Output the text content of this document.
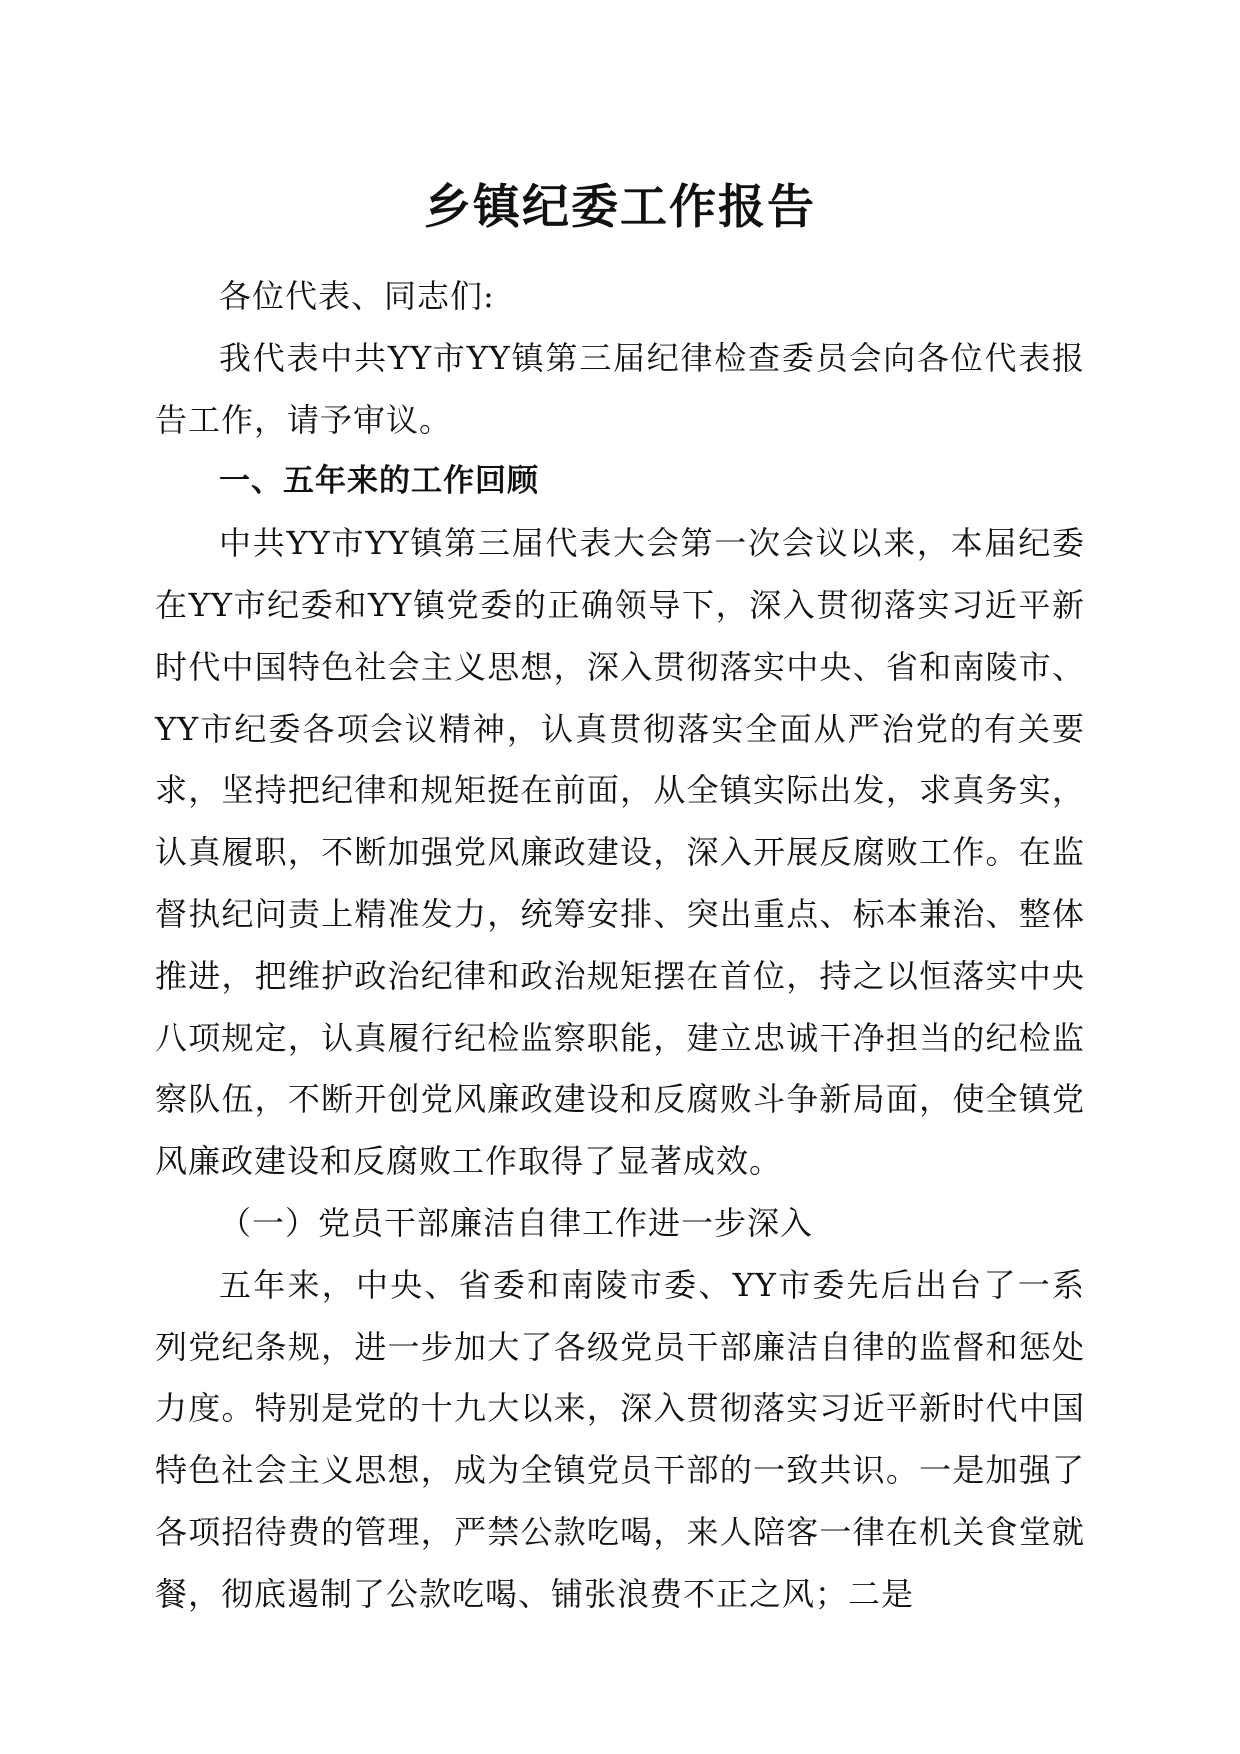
乡镇纪委工作报告

各位代表、同志们:

我代表中共YY市YY镇第三届纪律检查委员会向各位代表报告工作，请予审议。

一、五年来的工作回顾

中共YY市YY镇第三届代表大会第一次会议以来，本届纪委在YY市纪委和YY镇党委的正确领导下，深入贯彻落实习近平新时代中国特色社会主义思想，深入贯彻落实中央、省和南陵市、YY市纪委各项会议精神，认真贯彻落实全面从严治党的有关要求，坚持把纪律和规矩挺在前面，从全镇实际出发，求真务实，认真履职，不断加强党风廉政建设，深入开展反腐败工作。在监督执纪问责上精准发力，统筹安排、突出重点、标本兼治、整体推进，把维护政治纪律和政治规矩摆在首位，持之以恒落实中央八项规定，认真履行纪检监察职能，建立忠诚干净担当的纪检监察队伍，不断开创党风廉政建设和反腐败斗争新局面，使全镇党风廉政建设和反腐败工作取得了显著成效。

（一）党员干部廉洁自律工作进一步深入

五年来，中央、省委和南陵市委、YY市委先后出台了一系列党纪条规，进一步加大了各级党员干部廉洁自律的监督和惩处力度。特别是党的十九大以来，深入贯彻落实习近平新时代中国特色社会主义思想，成为全镇党员干部的一致共识。一是加强了各项招待费的管理，严禁公款吃喝，来人陪客一律在机关食堂就餐，彻底遏制了公款吃喝、铺张浪费不正之风；二是
